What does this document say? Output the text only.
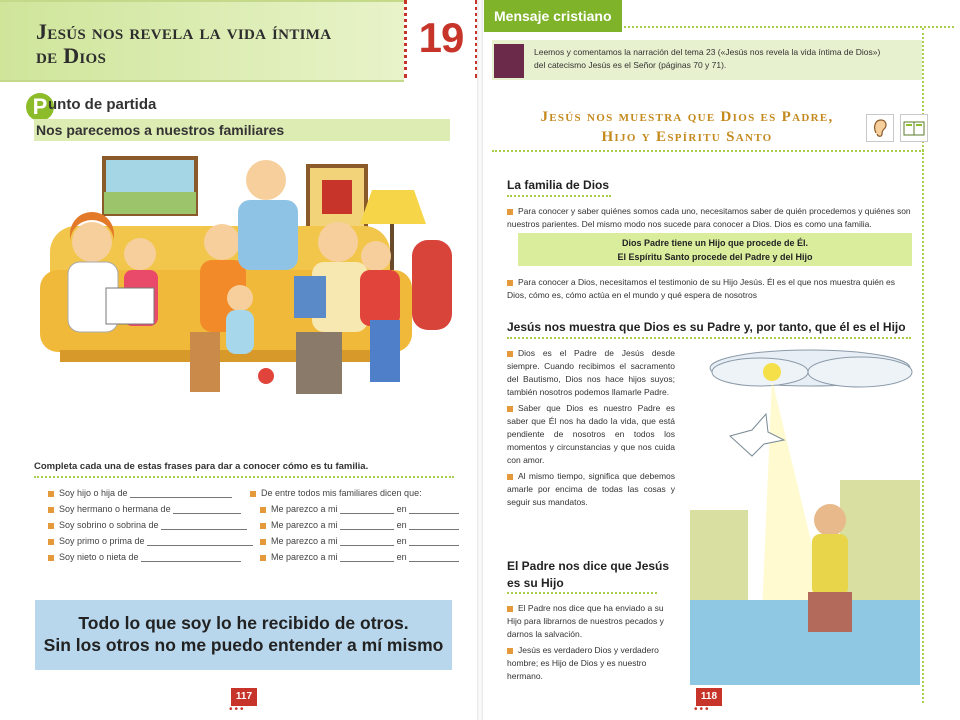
Jesús nos revela la vida íntima
de Dios	19
P unto de partida
Nos parecemos a nuestros familiares
Completa cada una de estas frases para dar a conocer cómo es tu familia.
Soy hijo o hija de
Soy hermano o hermana de
Soy sobrino o sobrina de
Soy primo o prima de
Soy nieto o nieta de
De entre todos mis familiares dicen que:
Me parezco a mi	en
Me parezco a mi	en
Me parezco a mi	en
Me parezco a mi	en
Todo lo que soy lo he recibido de otros.
Sin los otros no me puedo entender a mí mismo
117
•••
Mensaje cristiano
Leemos y comentamos la narración del tema 23 («Jesús nos revela la vida íntima de Dios»)
del catecismo Jesús es el Señor (páginas 70 y 71).
Jesús nos muestra que Dios es Padre,
Hijo y Espíritu Santo

La familia de Dios
Para conocer y saber quiénes somos cada uno, necesitamos saber de quién procedemos y quiénes son nuestros parientes. Del mismo modo nos sucede para conocer a Dios. Dios es como una familia.
Dios Padre tiene un Hijo que procede de Él.
El Espíritu Santo procede del Padre y del Hijo
Para conocer a Dios, necesitamos el testimonio de su Hijo Jesús. Él es el que nos muestra quién es Dios, cómo es, cómo actúa en el mundo y qué espera de nosotros
Jesús nos muestra que Dios es su Padre y, por tanto, que él es el Hijo
Dios es el Padre de Jesús desde siempre. Cuando recibimos el sacramento del Bautismo, Dios nos hace hijos suyos; también nosotros podemos llamarle Padre.
Saber que Dios es nuestro Padre es saber que Él nos ha dado la vida, que está pendiente de nosotros en todos los momentos y circunstancias y que nos cuida con amor.
Al mismo tiempo, significa que debemos amarle por encima de todas las cosas y seguir sus mandatos.
El Padre nos dice que Jesús
es su Hijo
El Padre nos dice que ha enviado a su Hijo para librarnos de nuestros pecados y darnos la salvación.
Jesús es verdadero Dios y verdadero hombre; es Hijo de Dios y es nuestro hermano.
118
•••
